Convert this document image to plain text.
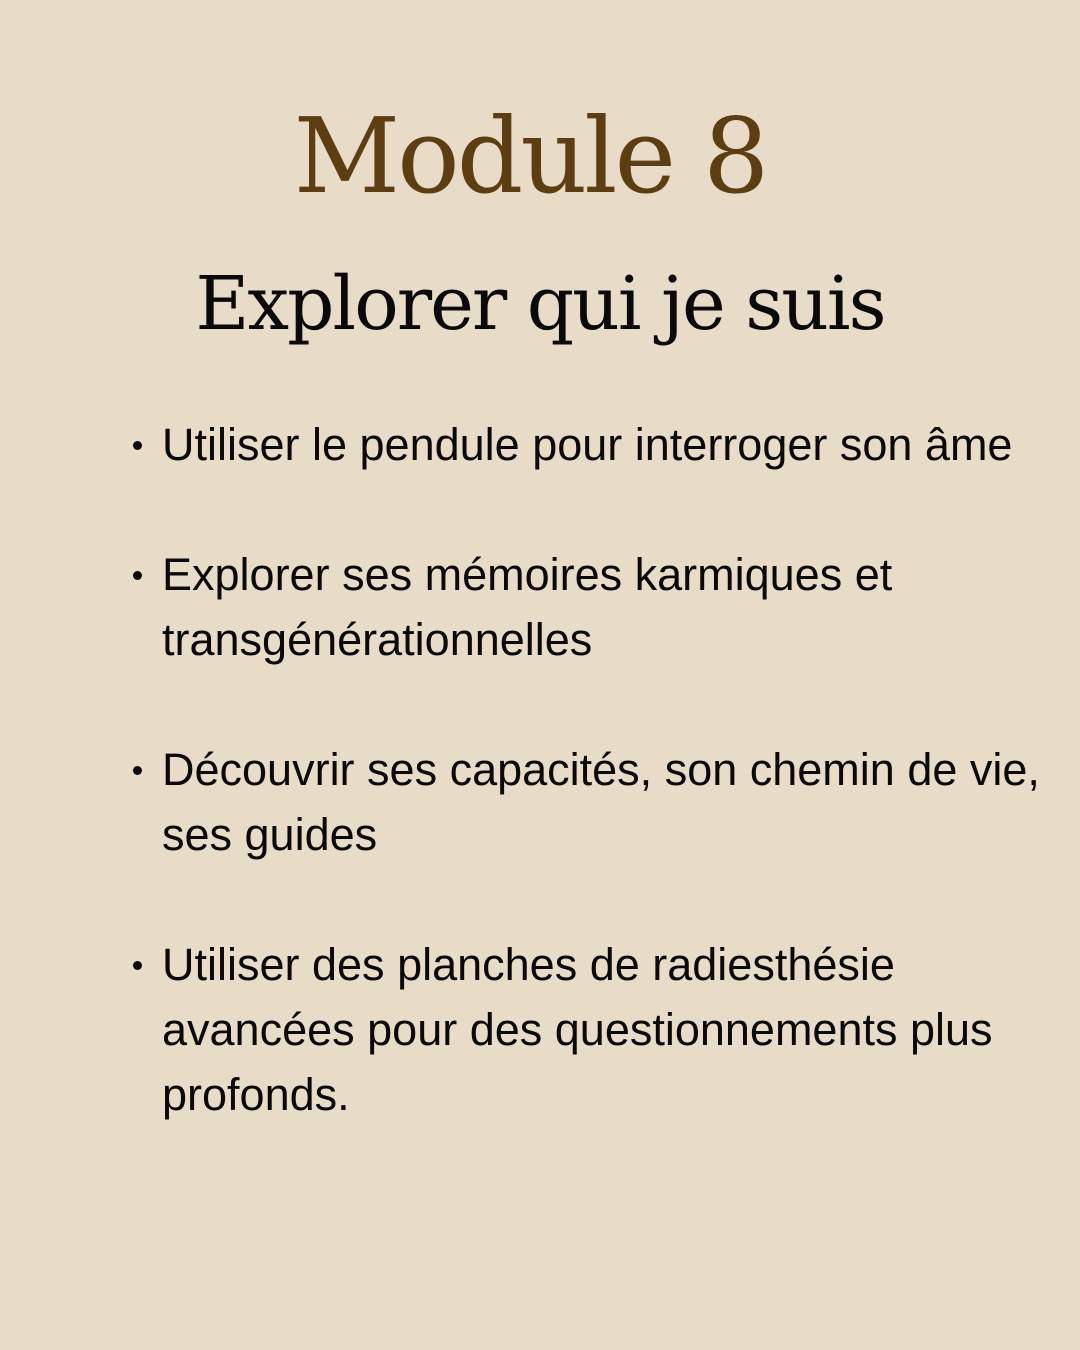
Module 8
Explorer qui je suis
Utiliser le pendule pour interroger son âme
Explorer ses mémoires karmiques et transgénérationnelles
Découvrir ses capacités, son chemin de vie, ses guides
Utiliser des planches de radiesthésie avancées pour des questionnements plus profonds.
